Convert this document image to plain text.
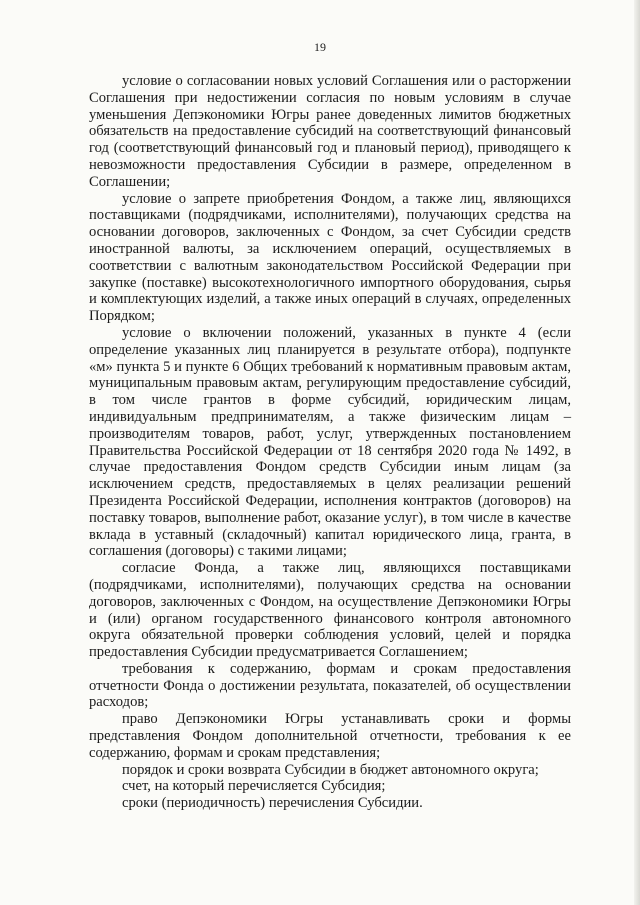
19

условие о согласовании новых условий Соглашения или о расторжении Соглашения при недостижении согласия по новым условиям в случае уменьшения Депэкономики Югры ранее доведенных лимитов бюджетных обязательств на предоставление субсидий на соответствующий финансовый год (соответствующий финансовый год и плановый период), приводящего к невозможности предоставления Субсидии в размере, определенном в Соглашении;

условие о запрете приобретения Фондом, а также лиц, являющихся поставщиками (подрядчиками, исполнителями), получающих средства на основании договоров, заключенных с Фондом, за счет Субсидии средств иностранной валюты, за исключением операций, осуществляемых в соответствии с валютным законодательством Российской Федерации при закупке (поставке) высокотехнологичного импортного оборудования, сырья и комплектующих изделий, а также иных операций в случаях, определенных Порядком;

условие о включении положений, указанных в пункте 4 (если определение указанных лиц планируется в результате отбора), подпункте «м» пункта 5 и пункте 6 Общих требований к нормативным правовым актам, муниципальным правовым актам, регулирующим предоставление субсидий, в том числе грантов в форме субсидий, юридическим лицам, индивидуальным предпринимателям, а также физическим лицам – производителям товаров, работ, услуг, утвержденных постановлением Правительства Российской Федерации от 18 сентября 2020 года № 1492, в случае предоставления Фондом средств Субсидии иным лицам (за исключением средств, предоставляемых в целях реализации решений Президента Российской Федерации, исполнения контрактов (договоров) на поставку товаров, выполнение работ, оказание услуг), в том числе в качестве вклада в уставный (складочный) капитал юридического лица, гранта, в соглашения (договоры) с такими лицами;

согласие Фонда, а также лиц, являющихся поставщиками (подрядчиками, исполнителями), получающих средства на основании договоров, заключенных с Фондом, на осуществление Депэкономики Югры и (или) органом государственного финансового контроля автономного округа обязательной проверки соблюдения условий, целей и порядка предоставления Субсидии предусматривается Соглашением;

требования к содержанию, формам и срокам предоставления отчетности Фонда о достижении результата, показателей, об осуществлении расходов;

право Депэкономики Югры устанавливать сроки и формы представления Фондом дополнительной отчетности, требования к ее содержанию, формам и срокам представления;

порядок и сроки возврата Субсидии в бюджет автономного округа;

счет, на который перечисляется Субсидия;

сроки (периодичность) перечисления Субсидии.
